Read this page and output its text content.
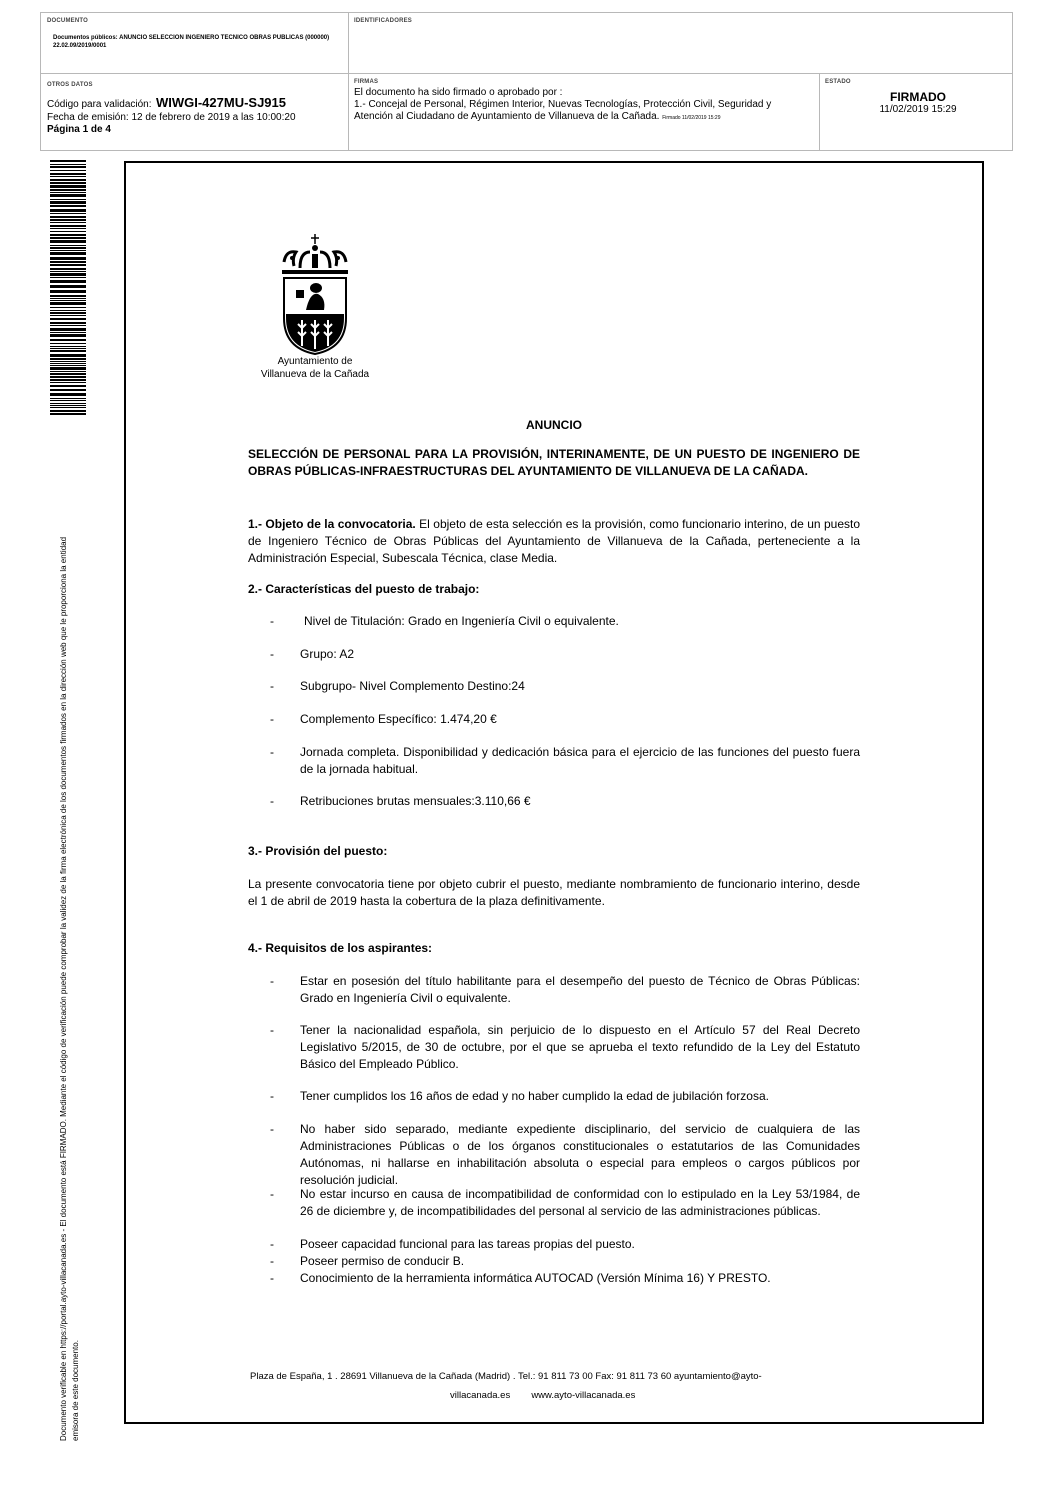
DOCUMENTO
Documentos públicos: ANUNCIO SELECCION INGENIERO TECNICO OBRAS PUBLICAS (000000) 22.02.09/2019/0001
IDENTIFICADORES
OTROS DATOS
Código para validación: WIWGI-427MU-SJ915
Fecha de emisión: 12 de febrero de 2019 a las 10:00:20
Página 1 de 4
FIRMAS
El documento ha sido firmado o aprobado por :
1.- Concejal de Personal, Régimen Interior, Nuevas Tecnologías, Protección Civil, Seguridad y
Atención al Ciudadano de Ayuntamiento de Villanueva de la Cañada. Firmado 11/02/2019 15:29
ESTADO
FIRMADO
11/02/2019 15:29
Documento verificable en https://portal.ayto-villacanada.es - El documento está FIRMADO. Mediante el código de verificación puede comprobar la validez de la firma electrónica de los documentos firmados en la dirección web que le proporciona la entidad emisora de este documento.
Ayuntamiento de
Villanueva de la Cañada
ANUNCIO
SELECCIÓN DE PERSONAL PARA LA PROVISIÓN, INTERINAMENTE, DE UN PUESTO DE INGENIERO DE OBRAS PÚBLICAS-INFRAESTRUCTURAS DEL AYUNTAMIENTO DE VILLANUEVA DE LA CAÑADA.
1.- Objeto de la convocatoria. El objeto de esta selección es la provisión, como funcionario interino, de un puesto de Ingeniero Técnico de Obras Públicas del Ayuntamiento de Villanueva de la Cañada, perteneciente a la Administración Especial, Subescala Técnica, clase Media.
2.- Características del puesto de trabajo:
-	Nivel de Titulación: Grado en Ingeniería Civil o equivalente.
- Grupo: A2
- Subgrupo- Nivel Complemento Destino:24
- Complemento Específico: 1.474,20 €
- Jornada completa. Disponibilidad y dedicación básica para el ejercicio de las funciones del puesto fuera de la jornada habitual.
- Retribuciones brutas mensuales:3.110,66 €
3.- Provisión del puesto:
La presente convocatoria tiene por objeto cubrir el puesto, mediante nombramiento de funcionario interino, desde el 1 de abril de 2019 hasta la cobertura de la plaza definitivamente.
4.- Requisitos de los aspirantes:
- Estar en posesión del título habilitante para el desempeño del puesto de Técnico de Obras Públicas: Grado en Ingeniería Civil o equivalente.
- Tener la nacionalidad española, sin perjuicio de lo dispuesto en el Artículo 57 del Real Decreto Legislativo 5/2015, de 30 de octubre, por el que se aprueba el texto refundido de la Ley del Estatuto Básico del Empleado Público.
- Tener cumplidos los 16 años de edad y no haber cumplido la edad de jubilación forzosa.
- No haber sido separado, mediante expediente disciplinario, del servicio de cualquiera de las Administraciones Públicas o de los órganos constitucionales o estatutarios de las Comunidades Autónomas, ni hallarse en inhabilitación absoluta o especial para empleos o cargos públicos por resolución judicial.
- No estar incurso en causa de incompatibilidad de conformidad con lo estipulado en la Ley 53/1984, de 26 de diciembre y, de incompatibilidades del personal al servicio de las administraciones públicas.
- Poseer capacidad funcional para las tareas propias del puesto.
- Poseer permiso de conducir B.
- Conocimiento de la herramienta informática AUTOCAD (Versión Mínima 16) Y PRESTO.
Plaza de España, 1 . 28691 Villanueva de la Cañada (Madrid) . Tel.: 91 811 73 00 Fax: 91 811 73 60 ayuntamiento@ayto-
villacanada.es        www.ayto-villacanada.es
